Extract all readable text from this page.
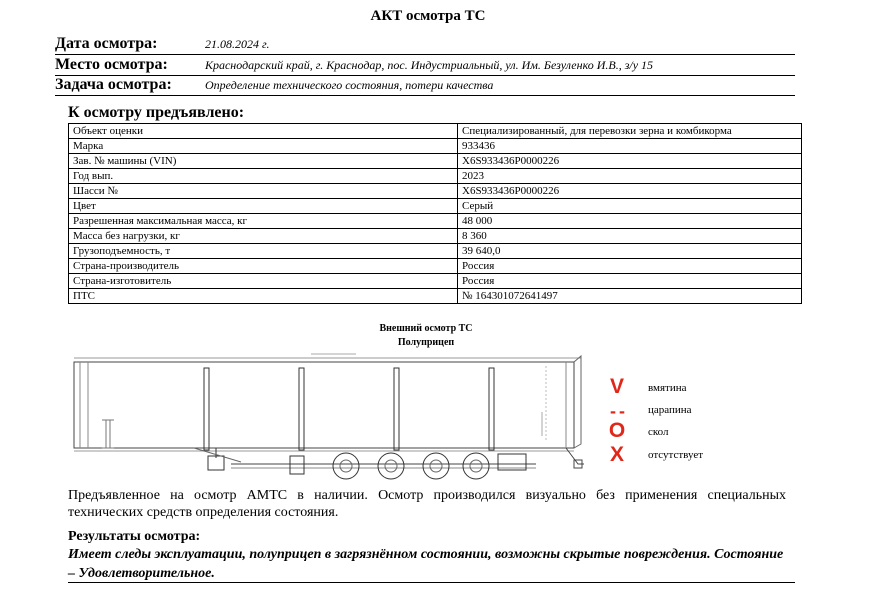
АКТ осмотра ТС
Дата осмотра:	21.08.2024 г.
Место осмотра:	Краснодарский край, г. Краснодар, пос. Индустриальный, ул. Им. Безуленко И.В., з/у 15
Задача осмотра:	Определение технического состояния, потери качества
К осмотру предъявлено:
Объект оценки	Специализированный, для перевозки зерна и комбикорма
Марка	933436
Зав. № машины (VIN)	X6S933436P0000226
Год вып.	2023
Шасси №	X6S933436P0000226
Цвет	Серый
Разрешенная максимальная масса, кг	48 000
Масса без нагрузки, кг	8 360
Грузоподъемность, т	39 640,0
Страна-производитель	Россия
Страна-изготовитель	Россия
ПТС	№ 164301072641497
Внешний осмотр ТС
Полуприцеп
V	вмятина
- -	царапина
O	скол
X	отсутствует
Предъявленное на осмотр АМТС в наличии. Осмотр производился визуально без применения специальных технических средств определения состояния.
Результаты осмотра:
Имеет следы эксплуатации, полуприцеп в загрязнённом состоянии, возможны скрытые повреждения. Состояние – Удовлетворительное.
